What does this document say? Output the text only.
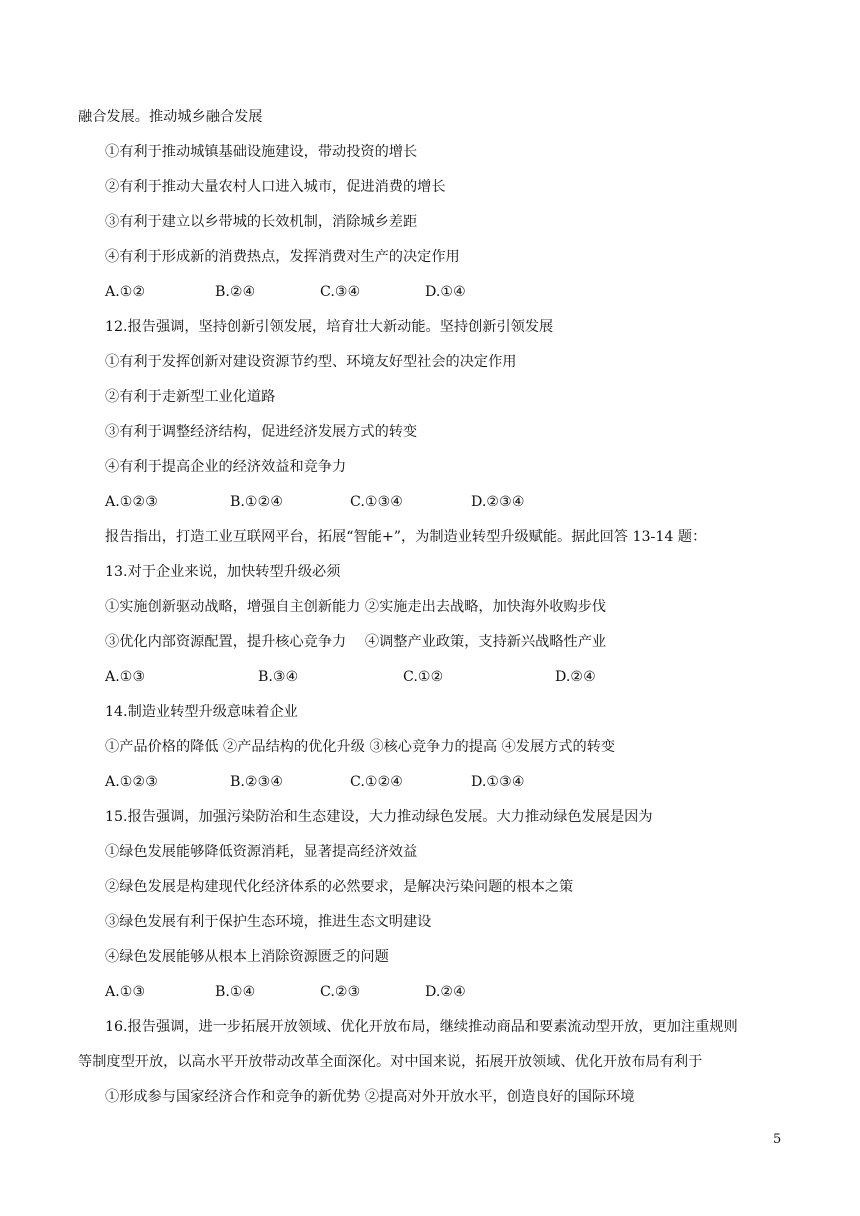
融合发展。推动城乡融合发展
①有利于推动城镇基础设施建设，带动投资的增长
②有利于推动大量农村人口进入城市，促进消费的增长
③有利于建立以乡带城的长效机制，消除城乡差距
④有利于形成新的消费热点，发挥消费对生产的决定作用
A.①②	B.②④	C.③④	D.①④
12.报告强调，坚持创新引领发展，培育壮大新动能。坚持创新引领发展
①有利于发挥创新对建设资源节约型、环境友好型社会的决定作用
②有利于走新型工业化道路
③有利于调整经济结构，促进经济发展方式的转变
④有利于提高企业的经济效益和竞争力
A.①②③	B.①②④	C.①③④	D.②③④
报告指出，打造工业互联网平台，拓展“智能+”，为制造业转型升级赋能。据此回答 13-14 题：
13.对于企业来说，加快转型升级必须
①实施创新驱动战略，增强自主创新能力 ②实施走出去战略，加快海外收购步伐
③优化内部资源配置，提升核心竞争力　 ④调整产业政策，支持新兴战略性产业
A.①③	B.③④	C.①②	D.②④
14.制造业转型升级意味着企业
①产品价格的降低 ②产品结构的优化升级 ③核心竞争力的提高 ④发展方式的转变
A.①②③	B.②③④	C.①②④	D.①③④
15.报告强调，加强污染防治和生态建设，大力推动绿色发展。大力推动绿色发展是因为
①绿色发展能够降低资源消耗，显著提高经济效益
②绿色发展是构建现代化经济体系的必然要求，是解决污染问题的根本之策
③绿色发展有利于保护生态环境，推进生态文明建设
④绿色发展能够从根本上消除资源匮乏的问题
A.①③	B.①④	C.②③	D.②④
16.报告强调，进一步拓展开放领域、优化开放布局，继续推动商品和要素流动型开放，更加注重规则
等制度型开放，以高水平开放带动改革全面深化。对中国来说，拓展开放领域、优化开放布局有利于
①形成参与国家经济合作和竞争的新优势 ②提高对外开放水平，创造良好的国际环境
5
